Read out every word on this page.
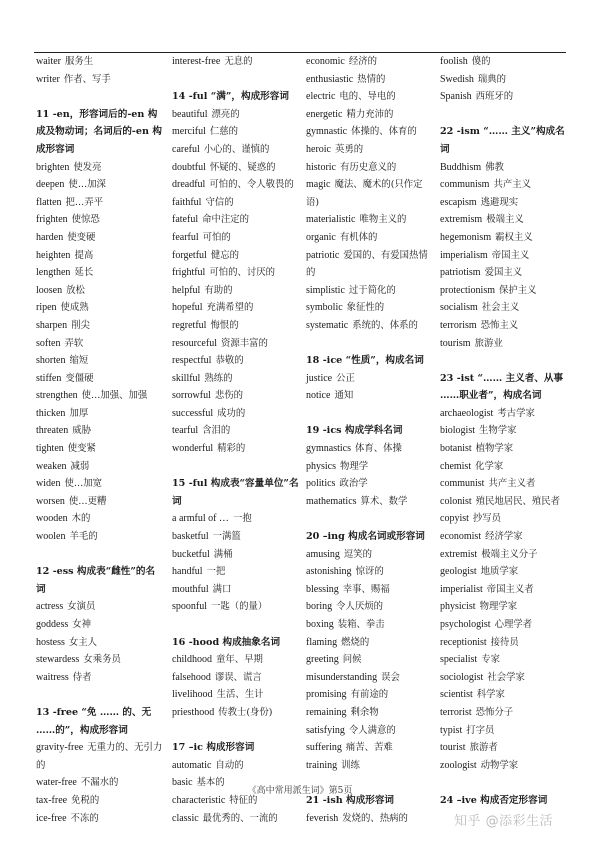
waiter 服务生
writer 作者、写手
11 -en，形容词后的-en 构成及物动词；名词后的-en 构成形容词
brighten 使发亮
deepen 使…加深
flatten 把…弄平
frighten 使惊恐
harden 使变硬
heighten 提高
lengthen 延长
loosen 放松
ripen 使成熟
sharpen 削尖
soften 弄软
shorten 缩短
stiffen 变僵硬
strengthen 使…加强、加强
thicken 加厚
threaten 威胁
tighten 使变紧
weaken 减弱
widen 使…加宽
worsen 使…更糟
wooden 木的
woolen 羊毛的
12 -ess 构成表“雌性”的名词
actress 女演员
goddess 女神
hostess 女主人
stewardess 女乘务员
waitress 侍者
13 -free “免 …… 的、无 ……的”，构成形容词
gravity-free 无重力的、无引力的
water-free 不漏水的
tax-free 免税的
ice-free 不冻的
interest-free 无息的
14 -ful “满”，构成形容词
beautiful 漂亮的
merciful 仁慈的
careful 小心的、谨慎的
doubtful 怀疑的、疑惑的
dreadful 可怕的、令人敬畏的
faithful 守信的
fateful 命中注定的
fearful 可怕的
forgetful 健忘的
frightful 可怕的、讨厌的
helpful 有助的
hopeful 充满希望的
regretful 悔恨的
resourceful 资源丰富的
respectful 恭敬的
skillful 熟练的
sorrowful 悲伤的
successful 成功的
tearful 含泪的
wonderful 精彩的
15 -ful 构成表“容量单位”名词
a armful of … 一抱
basketful 一满篮
bucketful 满桶
handful 一把
mouthful 满口
spoonful 一匙（的量）
16 -hood 构成抽象名词
childhood 童年、早期
falsehood 谬误、谎言
livelihood 生活、生计
priesthood 传教士(身份)
17 –ic 构成形容词
automatic 自动的
basic 基本的
characteristic 特征的
classic 最优秀的、一流的
economic 经济的
enthusiastic 热情的
electric 电的、导电的
energetic 精力充沛的
gymnastic 体操的、体育的
heroic 英勇的
historic 有历史意义的
magic 魔法、魔术的(只作定语)
materialistic 唯物主义的
organic 有机体的
patriotic 爱国的、有爱国热情的
simplistic 过于简化的
symbolic 象征性的
systematic 系统的、体系的
18 -ice “性质”，构成名词
justice 公正
notice 通知
19 -ics 构成学科名词
gymnastics 体育、体操
physics 物理学
politics 政治学
mathematics 算术、数学
20 –ing 构成名词或形容词
amusing 逗笑的
astonishing 惊讶的
blessing 幸事、赐福
boring 令人厌烦的
boxing 装箱、拳击
flaming 燃烧的
greeting 问候
misunderstanding 误会
promising 有前途的
remaining 剩余物
satisfying 令人满意的
suffering 痛苦、苦难
training 训练
21 -ish 构成形容词
feverish 发烧的、热病的
foolish 傻的
Swedish 瑞典的
Spanish 西班牙的
22 -ism “…… 主义”构成名词
Buddhism 佛教
communism 共产主义
escapism 逃避现实
extremism 极端主义
hegemonism 霸权主义
imperialism 帝国主义
patriotism 爱国主义
protectionism 保护主义
socialism 社会主义
terrorism 恐怖主义
tourism 旅游业
23 -ist “…… 主义者、从事 ……职业者”，构成名词
archaeologist 考古学家
biologist 生物学家
botanist 植物学家
chemist 化学家
communist 共产主义者
colonist 殖民地居民、殖民者
copyist 抄写员
economist 经济学家
extremist 极端主义分子
geologist 地质学家
imperialist 帝国主义者
physicist 物理学家
psychologist 心理学者
receptionist 接待员
specialist 专家
sociologist 社会学家
scientist 科学家
terrorist 恐怖分子
typist 打字员
tourist 旅游者
zoologist 动物学家
24 –ive 构成否定形容词
《高中常用派生词》第5页
知乎 @添彩生活
